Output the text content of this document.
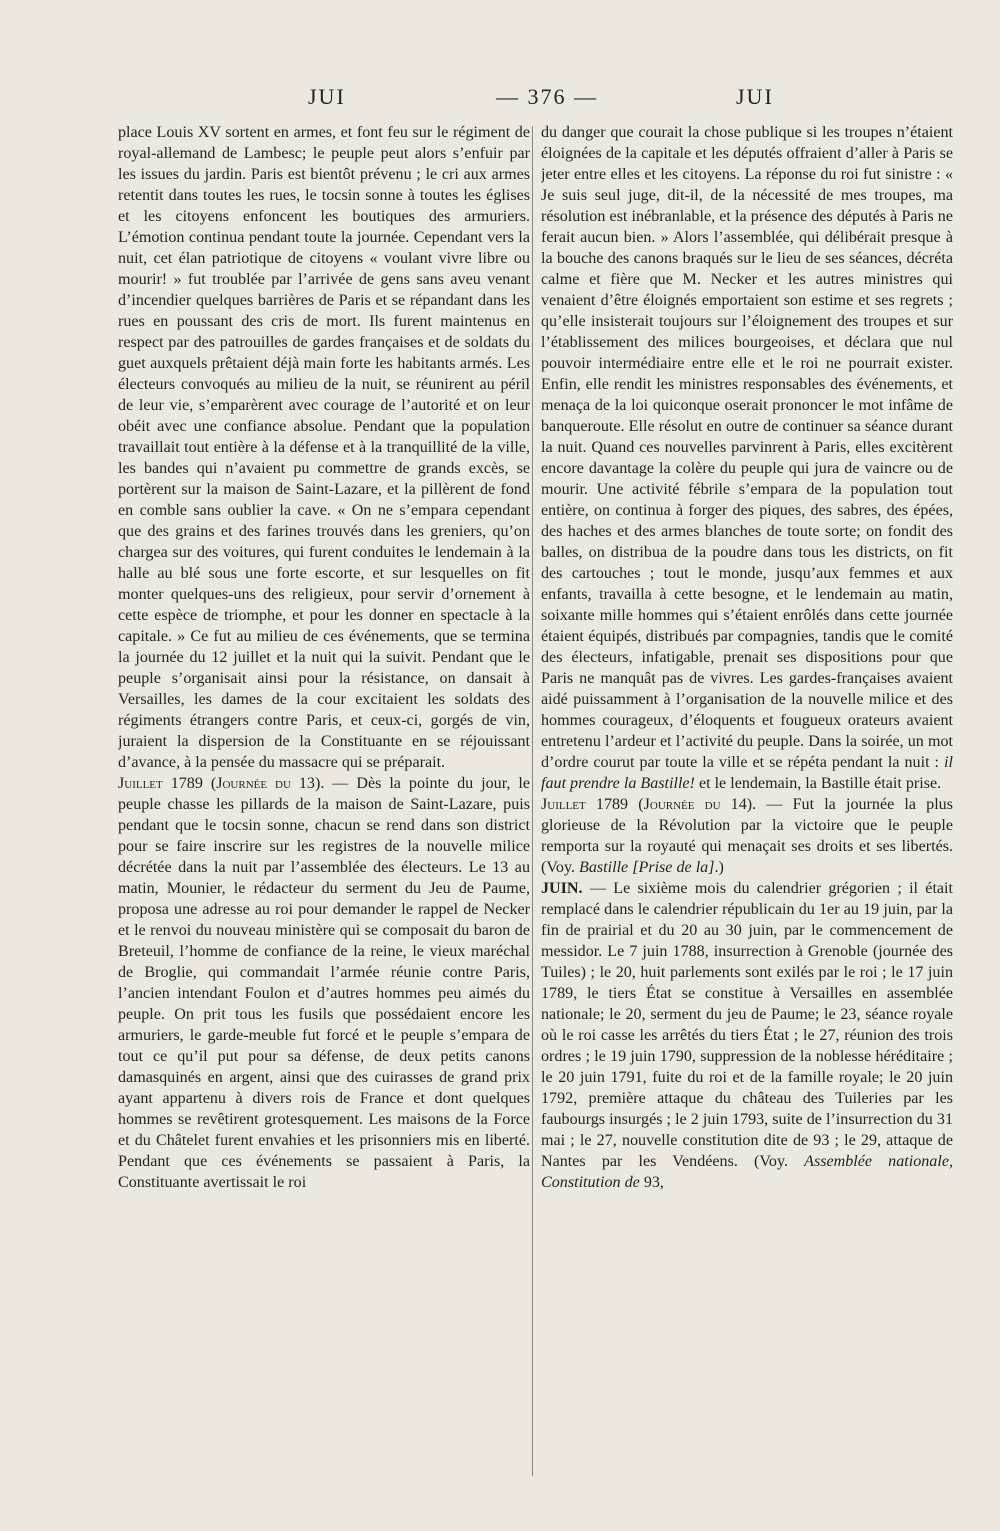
JUI	— 376 —	JUI

place Louis XV sortent en armes, et font feu sur le régiment de royal-allemand de Lambesc; le peuple peut alors s’enfuir par les issues du jardin. Paris est bientôt prévenu ; le cri aux armes retentit dans toutes les rues, le tocsin sonne à toutes les églises et les citoyens enfoncent les boutiques des armuriers. L’émotion continua pendant toute la journée. Cependant vers la nuit, cet élan patriotique de citoyens « voulant vivre libre ou mourir! » fut troublée par l’arrivée de gens sans aveu venant d’incendier quelques barrières de Paris et se répandant dans les rues en poussant des cris de mort. Ils furent maintenus en respect par des patrouilles de gardes françaises et de soldats du guet auxquels prêtaient déjà main forte les habitants armés. Les électeurs convoqués au milieu de la nuit, se réunirent au péril de leur vie, s’emparèrent avec courage de l’autorité et on leur obéit avec une confiance absolue. Pendant que la population travaillait tout entière à la défense et à la tranquillité de la ville, les bandes qui n’avaient pu commettre de grands excès, se portèrent sur la maison de Saint-Lazare, et la pillèrent de fond en comble sans oublier la cave. « On ne s’empara cependant que des grains et des farines trouvés dans les greniers, qu’on chargea sur des voitures, qui furent conduites le lendemain à la halle au blé sous une forte escorte, et sur lesquelles on fit monter quelques-uns des religieux, pour servir d’ornement à cette espèce de triomphe, et pour les donner en spectacle à la capitale. » Ce fut au milieu de ces événements, que se termina la journée du 12 juillet et la nuit qui la suivit. Pendant que le peuple s’organisait ainsi pour la résistance, on dansait à Versailles, les dames de la cour excitaient les soldats des régiments étrangers contre Paris, et ceux-ci, gorgés de vin, juraient la dispersion de la Constituante en se réjouissant d’avance, à la pensée du massacre qui se préparait.

Juillet 1789 (Journée du 13). — Dès la pointe du jour, le peuple chasse les pillards de la maison de Saint-Lazare, puis pendant que le tocsin sonne, chacun se rend dans son district pour se faire inscrire sur les registres de la nouvelle milice décrétée dans la nuit par l’assemblée des électeurs. Le 13 au matin, Mounier, le rédacteur du serment du Jeu de Paume, proposa une adresse au roi pour demander le rappel de Necker et le renvoi du nouveau ministère qui se composait du baron de Breteuil, l’homme de confiance de la reine, le vieux maréchal de Broglie, qui commandait l’armée réunie contre Paris, l’ancien intendant Foulon et d’autres hommes peu aimés du peuple. On prit tous les fusils que possédaient encore les armuriers, le garde-meuble fut forcé et le peuple s’empara de tout ce qu’il put pour sa défense, de deux petits canons damasquinés en argent, ainsi que des cuirasses de grand prix ayant appartenu à divers rois de France et dont quelques hommes se revêtirent grotesquement. Les maisons de la Force et du Châtelet furent envahies et les prisonniers mis en liberté. Pendant que ces événements se passaient à Paris, la Constituante avertissait le roi

du danger que courait la chose publique si les troupes n’étaient éloignées de la capitale et les députés offraient d’aller à Paris se jeter entre elles et les citoyens. La réponse du roi fut sinistre : « Je suis seul juge, dit-il, de la nécessité de mes troupes, ma résolution est inébranlable, et la présence des députés à Paris ne ferait aucun bien. » Alors l’assemblée, qui délibérait presque à la bouche des canons braqués sur le lieu de ses séances, décréta calme et fière que M. Necker et les autres ministres qui venaient d’être éloignés emportaient son estime et ses regrets ; qu’elle insisterait toujours sur l’éloignement des troupes et sur l’établissement des milices bourgeoises, et déclara que nul pouvoir intermédiaire entre elle et le roi ne pourrait exister. Enfin, elle rendit les ministres responsables des événements, et menaça de la loi quiconque oserait prononcer le mot infâme de banqueroute. Elle résolut en outre de continuer sa séance durant la nuit. Quand ces nouvelles parvinrent à Paris, elles excitèrent encore davantage la colère du peuple qui jura de vaincre ou de mourir. Une activité fébrile s’empara de la population tout entière, on continua à forger des piques, des sabres, des épées, des haches et des armes blanches de toute sorte; on fondit des balles, on distribua de la poudre dans tous les districts, on fit des cartouches ; tout le monde, jusqu’aux femmes et aux enfants, travailla à cette besogne, et le lendemain au matin, soixante mille hommes qui s’étaient enrôlés dans cette journée étaient équipés, distribués par compagnies, tandis que le comité des électeurs, infatigable, prenait ses dispositions pour que Paris ne manquât pas de vivres. Les gardes-françaises avaient aidé puissamment à l’organisation de la nouvelle milice et des hommes courageux, d’éloquents et fougueux orateurs avaient entretenu l’ardeur et l’activité du peuple. Dans la soirée, un mot d’ordre courut par toute la ville et se répéta pendant la nuit : il faut prendre la Bastille! et le lendemain, la Bastille était prise.

Juillet 1789 (Journée du 14). — Fut la journée la plus glorieuse de la Révolution par la victoire que le peuple remporta sur la royauté qui menaçait ses droits et ses libertés. (Voy. Bastille [Prise de la].)

JUIN. — Le sixième mois du calendrier grégorien ; il était remplacé dans le calendrier républicain du 1er au 19 juin, par la fin de prairial et du 20 au 30 juin, par le commencement de messidor. Le 7 juin 1788, insurrection à Grenoble (journée des Tuiles) ; le 20, huit parlements sont exilés par le roi ; le 17 juin 1789, le tiers État se constitue à Versailles en assemblée nationale; le 20, serment du jeu de Paume; le 23, séance royale où le roi casse les arrêtés du tiers État ; le 27, réunion des trois ordres ; le 19 juin 1790, suppression de la noblesse héréditaire ; le 20 juin 1791, fuite du roi et de la famille royale; le 20 juin 1792, première attaque du château des Tuileries par les faubourgs insurgés ; le 2 juin 1793, suite de l’insurrection du 31 mai ; le 27, nouvelle constitution dite de 93 ; le 29, attaque de Nantes par les Vendéens. (Voy. Assemblée nationale, Constitution de 93,
